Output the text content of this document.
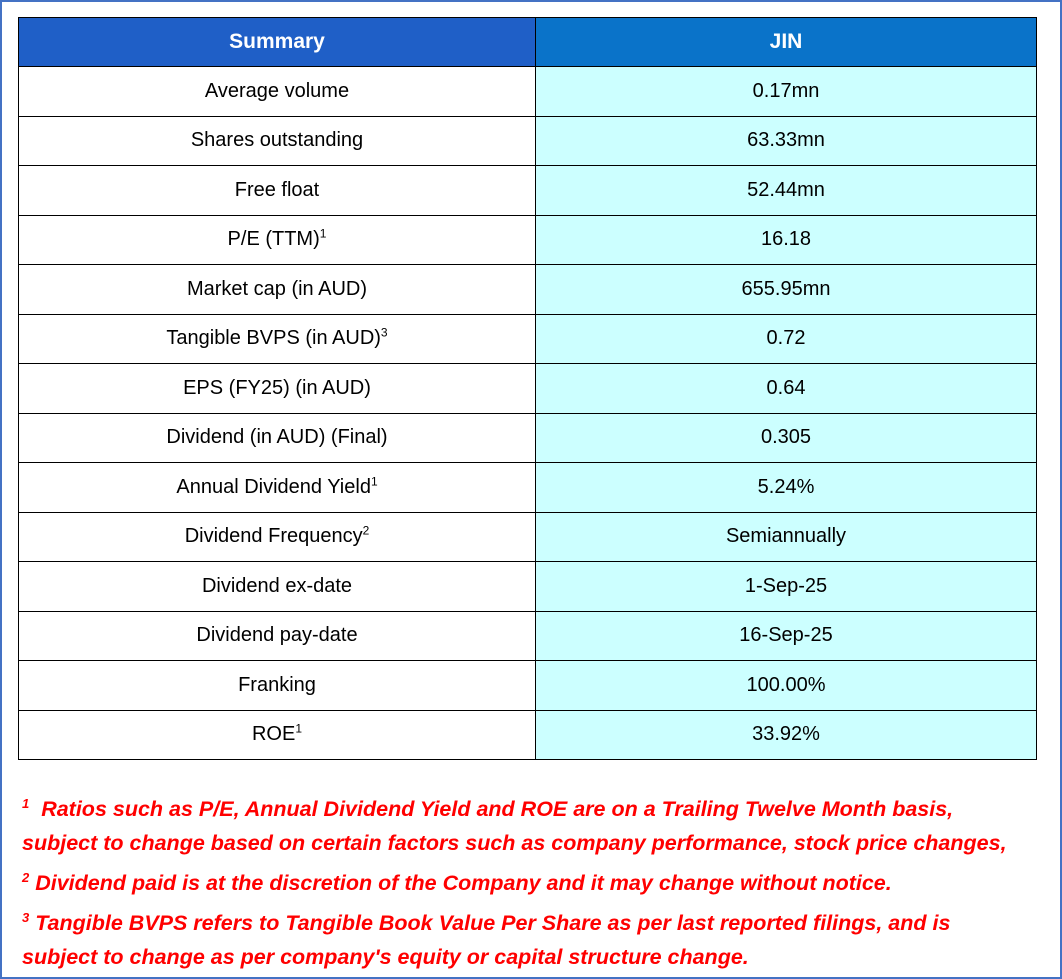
Summary	JIN
Average volume	0.17mn
Shares outstanding	63.33mn
Free float	52.44mn
P/E (TTM)$^1$	16.18
Market cap (in AUD)	655.95mn
Tangible BVPS (in AUD)$^3$	0.72
EPS (FY25) (in AUD)	0.64
Dividend (in AUD) (Final)	0.305
Annual Dividend Yield$^1$	5.24%
Dividend Frequency$^2$	Semiannually
Dividend ex-date	1-Sep-25
Dividend pay-date	16-Sep-25
Franking	100.00%
ROE$^1$	33.92%

$^1$ Ratios such as P/E, Annual Dividend Yield and ROE are on a Trailing Twelve Month basis,

subject to change based on certain factors such as company performance, stock price changes,

$^2$ Dividend paid is at the discretion of the Company and it may change without notice.

$^3$ Tangible BVPS refers to Tangible Book Value Per Share as per last reported filings, and is

subject to change as per company's equity or capital structure change.
